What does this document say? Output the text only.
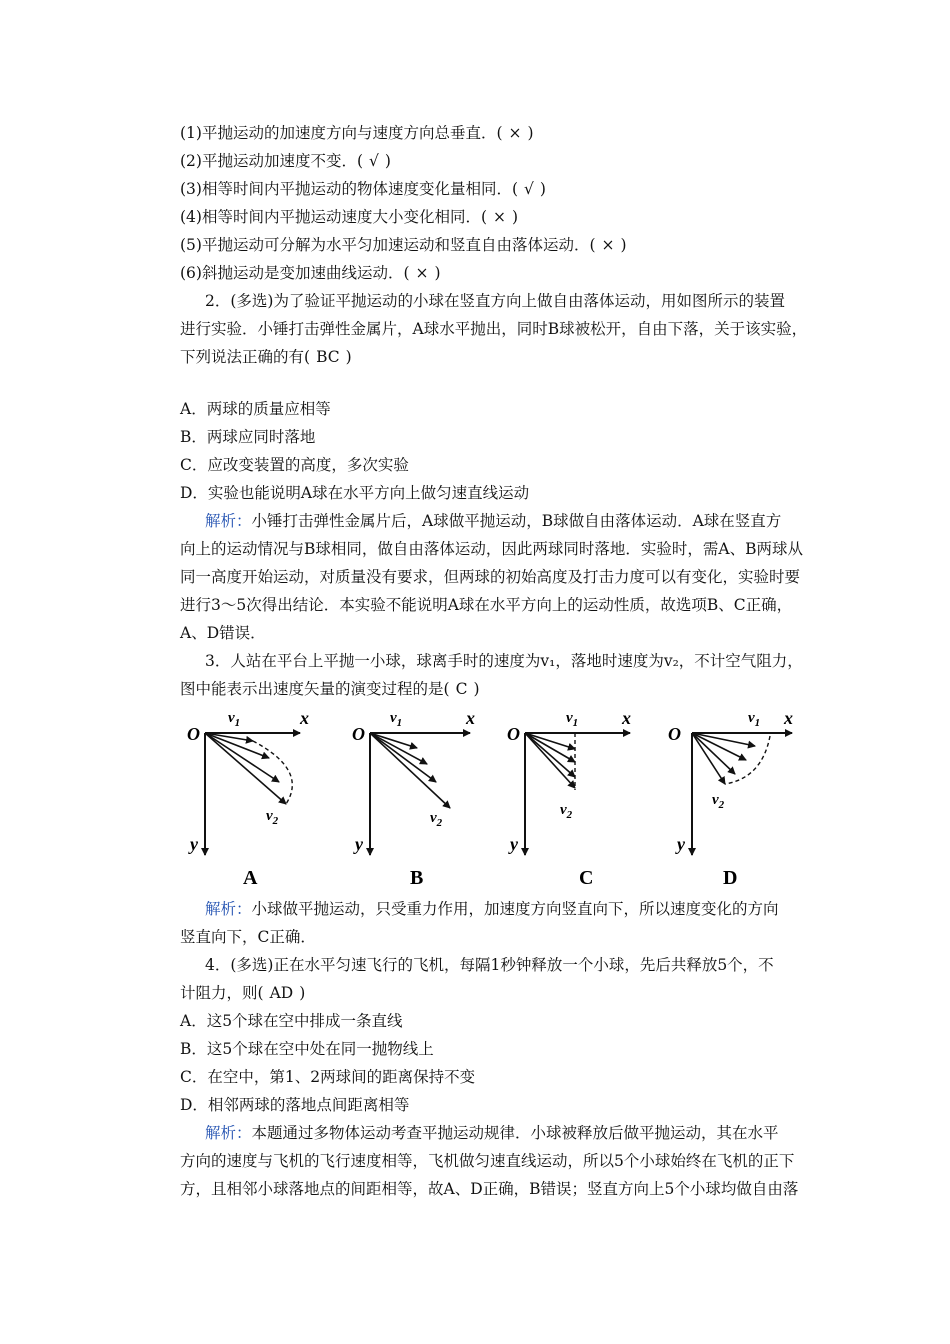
(1)平抛运动的加速度方向与速度方向总垂直．( × )
(2)平抛运动加速度不变．( √ )
(3)相等时间内平抛运动的物体速度变化量相同．( √ )
(4)相等时间内平抛运动速度大小变化相同．( × )
(5)平抛运动可分解为水平匀加速运动和竖直自由落体运动．( × )
(6)斜抛运动是变加速曲线运动．( × )
2．(多选)为了验证平抛运动的小球在竖直方向上做自由落体运动，用如图所示的装置
进行实验．小锤打击弹性金属片，A球水平抛出，同时B球被松开，自由下落，关于该实验，
下列说法正确的有( BC )
A．两球的质量应相等
B．两球应同时落地
C．应改变装置的高度，多次实验
D．实验也能说明A球在水平方向上做匀速直线运动
解析：小锤打击弹性金属片后，A球做平抛运动，B球做自由落体运动．A球在竖直方
向上的运动情况与B球相同，做自由落体运动，因此两球同时落地．实验时，需A、B两球从
同一高度开始运动，对质量没有要求，但两球的初始高度及打击力度可以有变化，实验时要
进行3～5次得出结论．本实验不能说明A球在水平方向上的运动性质，故选项B、C正确，
A、D错误．
3．人站在平台上平抛一小球，球离手时的速度为v₁，落地时速度为v₂，不计空气阻力，
图中能表示出速度矢量的演变过程的是( C )
O
x
y
$v_1$
$v_2$
A
O
x
y
$v_1$
$v_2$
B
O
x
y
$v_1$
$v_2$
C
O
x
y
$v_1$
$v_2$
D
解析：小球做平抛运动，只受重力作用，加速度方向竖直向下，所以速度变化的方向
竖直向下，C正确．
4．(多选)正在水平匀速飞行的飞机，每隔1秒钟释放一个小球，先后共释放5个，不
计阻力，则( AD )
A．这5个球在空中排成一条直线
B．这5个球在空中处在同一抛物线上
C．在空中，第1、2两球间的距离保持不变
D．相邻两球的落地点间距离相等
解析：本题通过多物体运动考查平抛运动规律．小球被释放后做平抛运动，其在水平
方向的速度与飞机的飞行速度相等，飞机做匀速直线运动，所以5个小球始终在飞机的正下
方，且相邻小球落地点的间距相等，故A、D正确，B错误；竖直方向上5个小球均做自由落
